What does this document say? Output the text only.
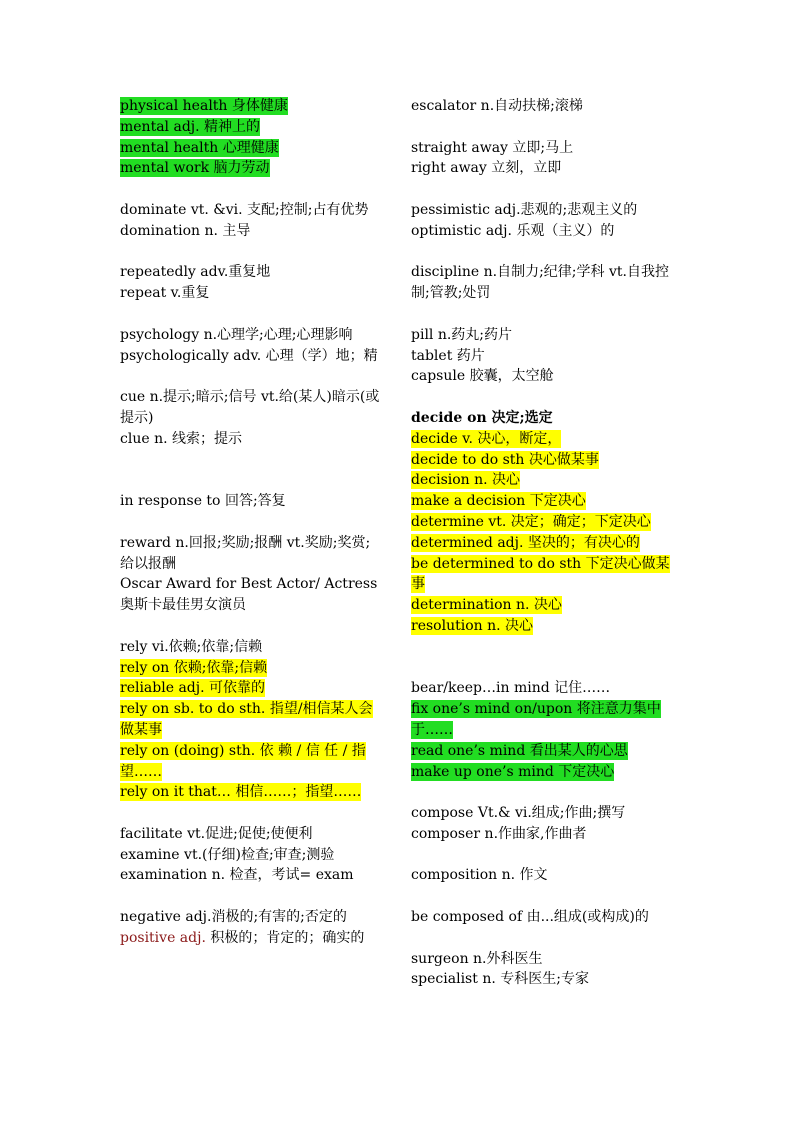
physical health 身体健康
mental adj. 精神上的
mental health 心理健康
mental work 脑力劳动
dominate vt. &vi. 支配;控制;占有优势
domination n. 主导
repeatedly adv.重复地
repeat v.重复
psychology n.心理学;心理;心理影响
psychologically adv. 心理（学）地；精
cue n.提示;暗示;信号 vt.给(某人)暗示(或提示)
clue n. 线索；提示
in response to 回答;答复
reward n.回报;奖励;报酬 vt.奖励;奖赏;给以报酬
Oscar Award for Best Actor/ Actress 奥斯卡最佳男女演员
rely vi.依赖;依靠;信赖
rely on 依赖;依靠;信赖
reliable adj. 可依靠的
rely on sb. to do sth. 指望/相信某人会做某事
rely on (doing) sth. 依 赖 / 信 任 / 指望……
rely on it that… 相信……；指望……
facilitate vt.促进;促使;使便利
examine vt.(仔细)检查;审查;测验
examination n. 检查，考试= exam
negative adj.消极的;有害的;否定的
positive adj. 积极的；肯定的；确实的
escalator n.自动扶梯;滚梯
straight away 立即;马上
right away 立刻，立即
pessimistic adj.悲观的;悲观主义的
optimistic adj. 乐观（主义）的
discipline n.自制力;纪律;学科 vt.自我控制;管教;处罚
pill n.药丸;药片
tablet 药片
capsule 胶囊，太空舱
decide on 决定;选定
decide v. 决心，断定，
decide to do sth 决心做某事
decision n. 决心
make a decision 下定决心
determine vt. 决定；确定；下定决心
determined adj. 坚决的；有决心的
be determined to do sth 下定决心做某事
determination n. 决心
resolution n. 决心
bear/keep…in mind 记住……
fix one’s mind on/upon 将注意力集中于……
read one’s mind 看出某人的心思
make up one’s mind 下定决心
compose Vt.& vi.组成;作曲;撰写
composer n.作曲家,作曲者
composition n. 作文
be composed of 由...组成(或构成)的
surgeon n.外科医生
specialist n. 专科医生;专家
